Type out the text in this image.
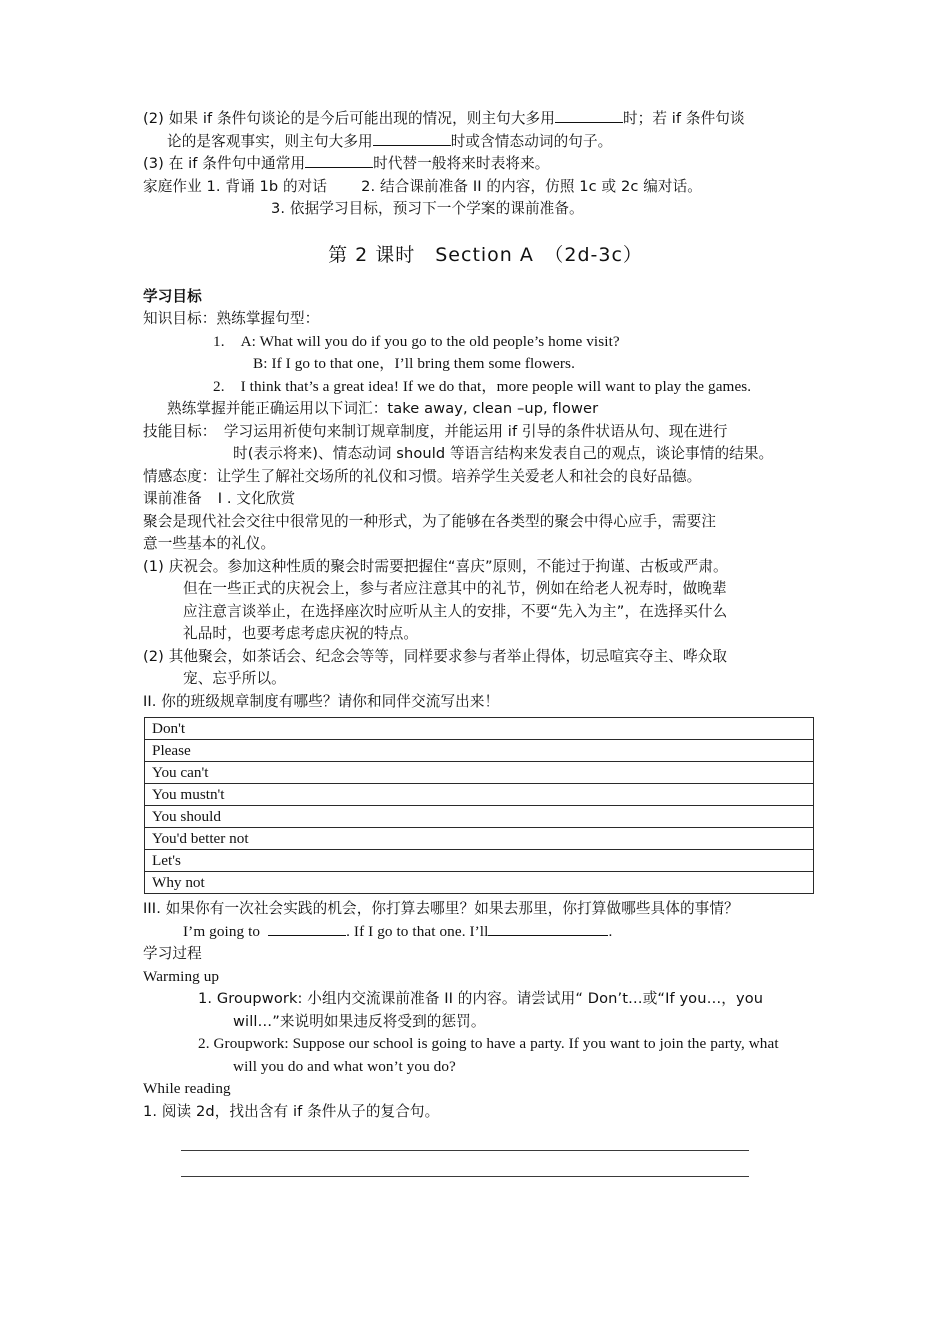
(2) 如果 if 条件句谈论的是今后可能出现的情况，则主句大多用	时；若 if 条件句谈

论的是客观事实，则主句大多用	时或含情态动词的句子。

(3) 在 if 条件句中通常用	时代替一般将来时表将来。

家庭作业 1. 背诵 1b 的对话 2. 结合课前准备 II 的内容，仿照 1c 或 2c 编对话。

3. 依据学习目标，预习下一个学案的课前准备。

第 2 课时　Section A　（2d-3c）

学习目标

知识目标：熟练掌握句型：

1. A: What will you do if you go to the old people’s home visit?

B: If I go to that one，I’ll bring them some flowers.

2. I think that’s a great idea! If we do that，more people will want to play the games.

熟练掌握并能正确运用以下词汇：take away, clean –up, flower

技能目标：　学习运用祈使句来制订规章制度，并能运用 if 引导的条件状语从句、现在进行

时(表示将来)、情态动词 should 等语言结构来发表自己的观点，谈论事情的结果。

情感态度：让学生了解社交场所的礼仪和习惯。培养学生关爱老人和社会的良好品德。

课前准备 I . 文化欣赏

聚会是现代社会交往中很常见的一种形式，为了能够在各类型的聚会中得心应手，需要注

意一些基本的礼仪。

(1) 庆祝会。参加这种性质的聚会时需要把握住“喜庆”原则，不能过于拘谨、古板或严肃。

但在一些正式的庆祝会上，参与者应注意其中的礼节，例如在给老人祝寿时，做晚辈

应注意言谈举止，在选择座次时应听从主人的安排，不要“先入为主”，在选择买什么

礼品时，也要考虑考虑庆祝的特点。

(2) 其他聚会，如茶话会、纪念会等等，同样要求参与者举止得体，切忌喧宾夺主、哗众取

宠、忘乎所以。

II. 你的班级规章制度有哪些？请你和同伴交流写出来！

Don't
Please
You can't
You mustn't
You should
You'd better not
Let's
Why not

III. 如果你有一次社会实践的机会，你打算去哪里？如果去那里，你打算做哪些具体的事情？

I’m going to	. If I go to that one. I’ll	.

学习过程

Warming up

1. Groupwork: 小组内交流课前准备 II 的内容。请尝试用“ Don’t…或“If you…，you

will…”来说明如果违反将受到的惩罚。

2. Groupwork: Suppose our school is going to have a party. If you want to join the party, what

will you do and what won’t you do?

While reading

1. 阅读 2d，找出含有 if 条件从子的复合句。
